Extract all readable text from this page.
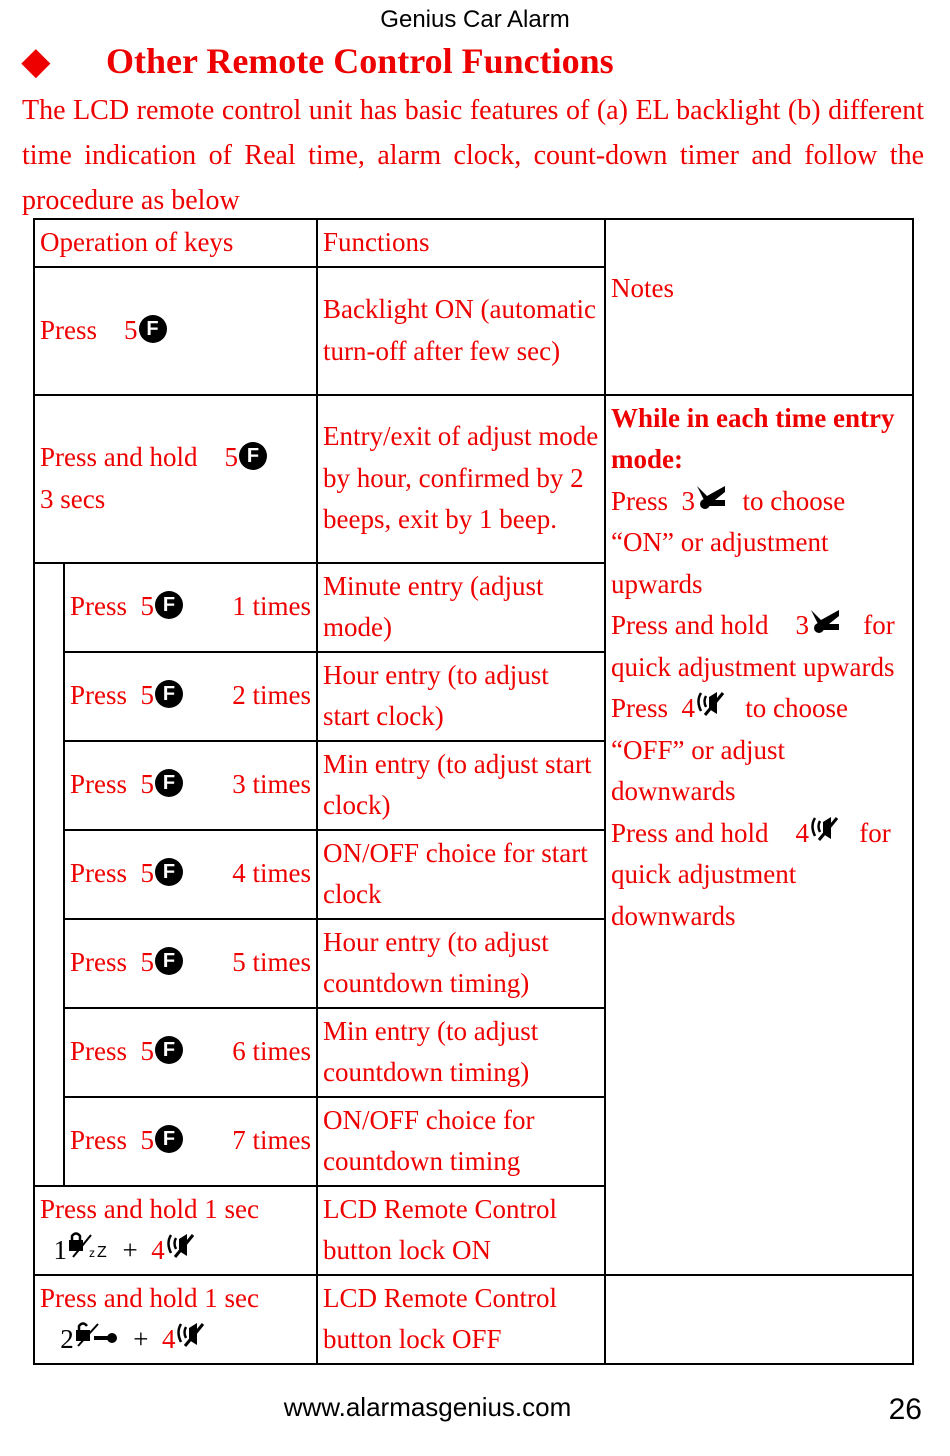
Genius Car Alarm
◆ Other Remote Control Functions
The LCD remote control unit has basic features of (a) EL backlight (b) different time indication of Real time, alarm clock, count-down timer and follow the procedure as below
Operation of keys		Functions	Notes	
Press 5 F		Backlight ON (automatic turn-off after few sec)		
Press and hold 5 F
3 secs		Entry/exit of adjust mode by hour, confirmed by 2 beeps, exit by 1 beep.	While in each time entry mode:
Press 3 to choose “ON” or adjustment upwards
Press and hold 3 for quick adjustment upwards
Press 4 to choose “OFF” or adjust downwards
Press and hold 4 for quick adjustment downwards	

	Press 5 F 1 times	Minute entry (adjust mode)		

	Press 5 F 2 times	Hour entry (to adjust start clock)		

	Press 5 F 3 times	Min entry (to adjust start clock)		

	Press 5 F 4 times	ON/OFF choice for start clock		

	Press 5 F 5 times	Hour entry (to adjust countdown timing)		

	Press 5 F 6 times	Min entry (to adjust countdown timing)		

	Press 5 F 7 times	ON/OFF choice for countdown timing		
Press and hold 1 sec
1 z Z + 4		LCD Remote Control button lock ON		
Press and hold 1 sec
2 + 4		LCD Remote Control button lock OFF		
www.alarmasgenius.com	26
